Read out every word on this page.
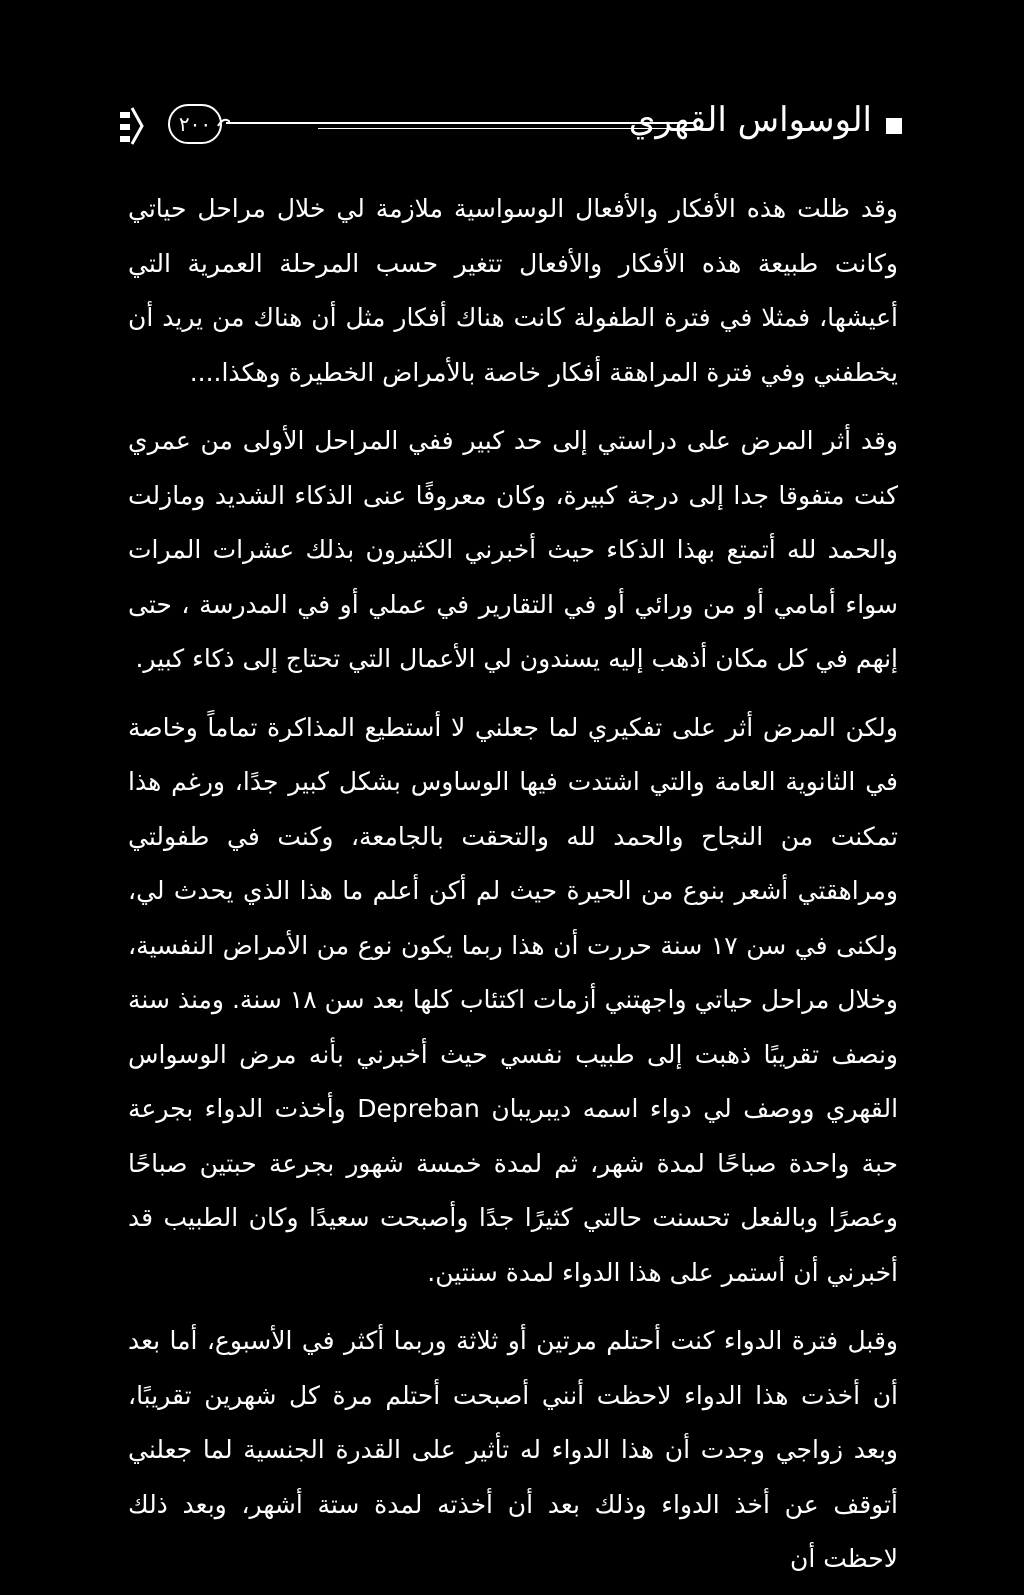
الوسواس القهري
٢٠٠

وقد ظلت هذه الأفكار والأفعال الوسواسية ملازمة لي خلال مراحل حياتي وكانت طبيعة هذه الأفكار والأفعال تتغير حسب المرحلة العمرية التي أعيشها، فمثلا في فترة الطفولة كانت هناك أفكار مثل أن هناك من يريد أن يخطفني وفي فترة المراهقة أفكار خاصة بالأمراض الخطيرة وهكذا....

وقد أثر المرض على دراستي إلى حد كبير ففي المراحل الأولى من عمري كنت متفوقا جدا إلى درجة كبيرة، وكان معروفًا عنى الذكاء الشديد ومازلت والحمد لله أتمتع بهذا الذكاء حيث أخبرني الكثيرون بذلك عشرات المرات سواء أمامي أو من ورائي أو في التقارير في عملي أو في المدرسة ، حتى إنهم في كل مكان أذهب إليه يسندون لي الأعمال التي تحتاج إلى ذكاء كبير.

ولكن المرض أثر على تفكيري لما جعلني لا أستطيع المذاكرة تماماً وخاصة في الثانوية العامة والتي اشتدت فيها الوساوس بشكل كبير جدًا، ورغم هذا تمكنت من النجاح والحمد لله والتحقت بالجامعة، وكنت في طفولتي ومراهقتي أشعر بنوع من الحيرة حيث لم أكن أعلم ما هذا الذي يحدث لي، ولكنى في سن ١٧ سنة حررت أن هذا ربما يكون نوع من الأمراض النفسية، وخلال مراحل حياتي واجهتني أزمات اكتئاب كلها بعد سن ١٨ سنة. ومنذ سنة ونصف تقريبًا ذهبت إلى طبيب نفسي حيث أخبرني بأنه مرض الوسواس القهري ووصف لي دواء اسمه ديبريبان Depreban وأخذت الدواء بجرعة حبة واحدة صباحًا لمدة شهر، ثم لمدة خمسة شهور بجرعة حبتين صباحًا وعصرًا وبالفعل تحسنت حالتي كثيرًا جدًا وأصبحت سعيدًا وكان الطبيب قد أخبرني أن أستمر على هذا الدواء لمدة سنتين.

وقبل فترة الدواء كنت أحتلم مرتين أو ثلاثة وربما أكثر في الأسبوع، أما بعد أن أخذت هذا الدواء لاحظت أنني أصبحت أحتلم مرة كل شهرين تقريبًا، وبعد زواجي وجدت أن هذا الدواء له تأثير على القدرة الجنسية لما جعلني أتوقف عن أخذ الدواء وذلك بعد أن أخذته لمدة ستة أشهر، وبعد ذلك لاحظت أن
